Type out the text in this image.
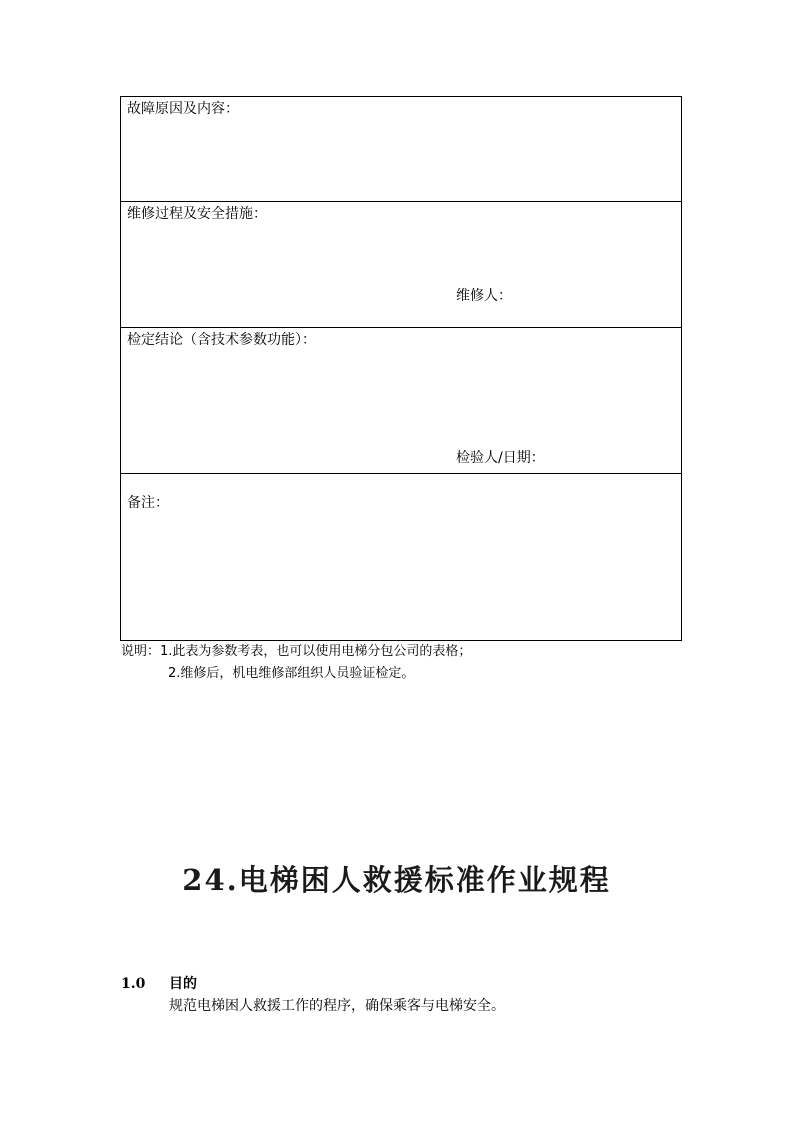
故障原因及内容：
维修过程及安全措施：
维修人：
检定结论（含技术参数功能）：
检验人/日期：
备注：
说明：1.此表为参数考表，也可以使用电梯分包公司的表格；
2.维修后，机电维修部组织人员验证检定。
24.电梯困人救援标准作业规程
1.0 目的
规范电梯困人救援工作的程序，确保乘客与电梯安全。
